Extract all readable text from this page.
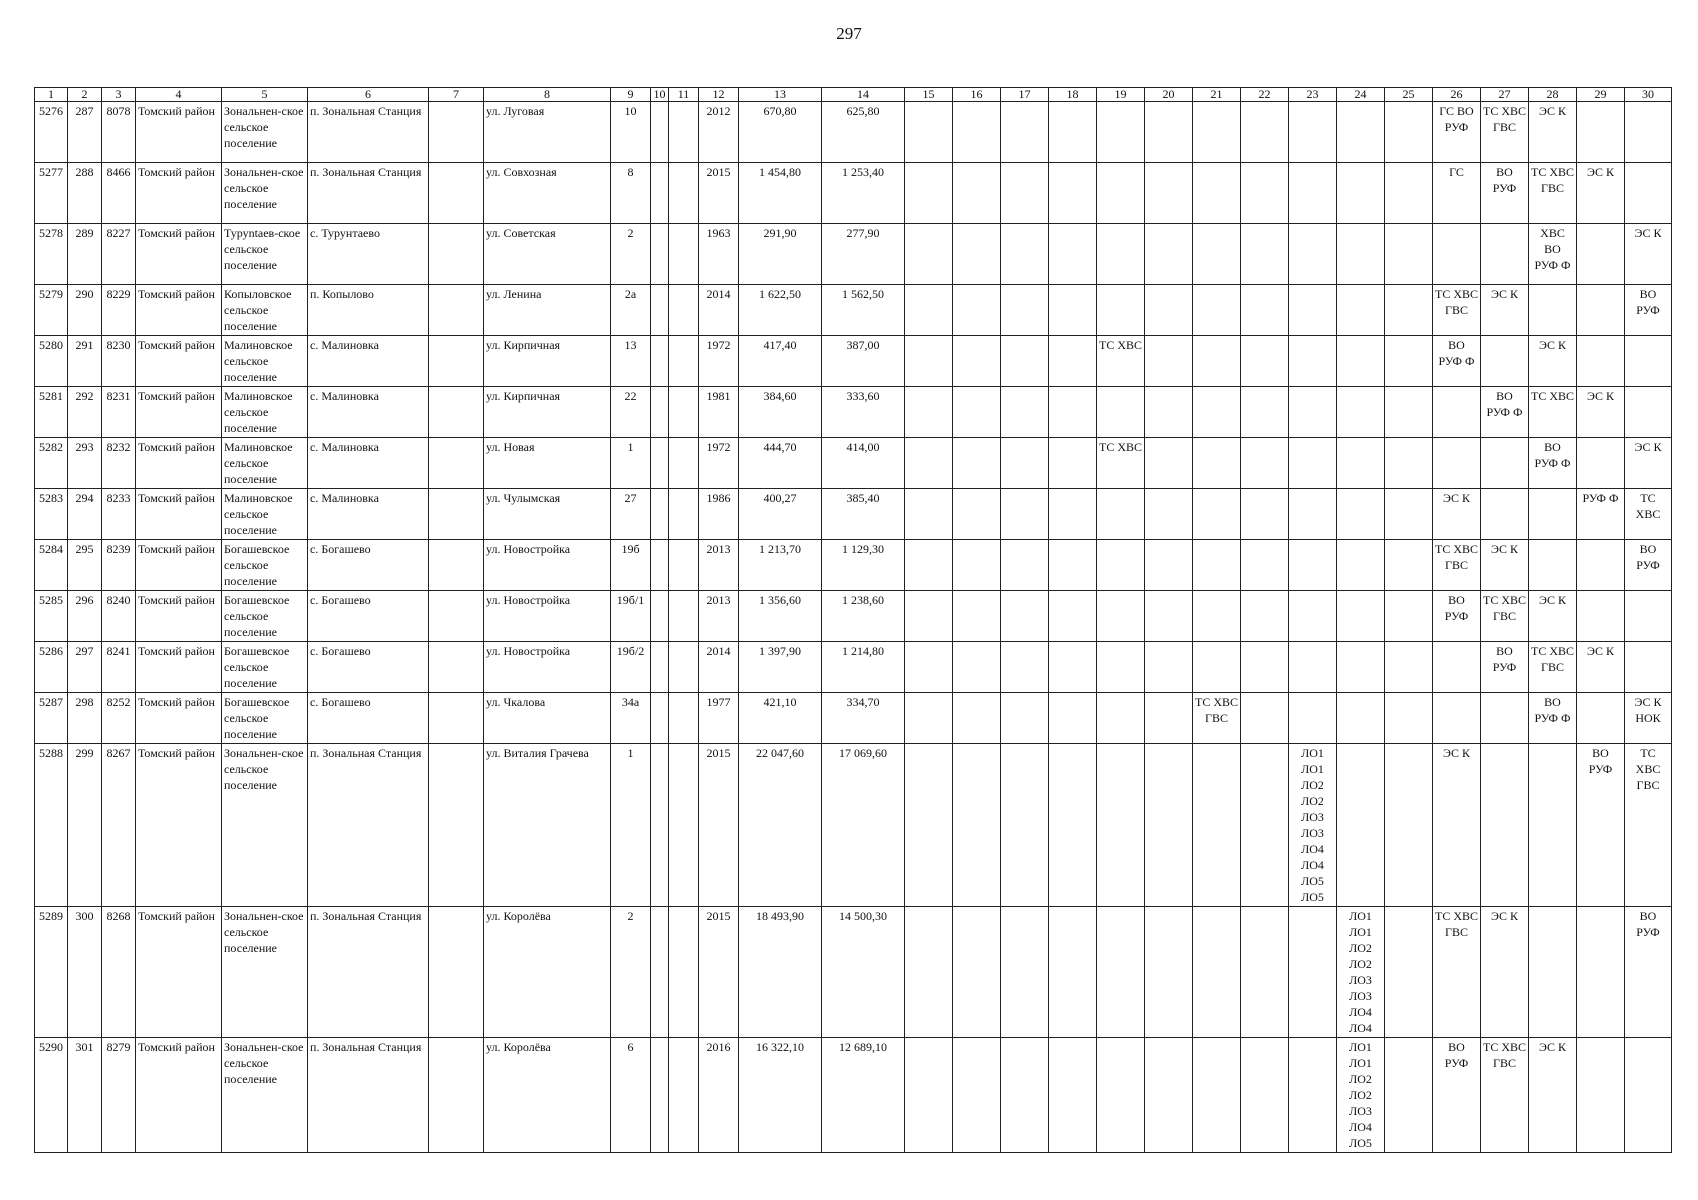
297
1	2	3	4	5	6	7	8	9	10	11	12	13	14	15	16	17	18	19	20	21	22	23	24	25	26	27	28	29	30
5276	287	8078	Томский район	Зональнен-ское сельское поселение	п. Зональная Станция		ул. Луговая	10			2012	670,80	625,80												ГС ВО РУФ	ТС ХВС ГВС	ЭС К		
5277	288	8466	Томский район	Зональнен-ское сельское поселение	п. Зональная Станция		ул. Совхозная	8			2015	1 454,80	1 253,40												ГС	ВО РУФ	ТС ХВС ГВС	ЭС К	
5278	289	8227	Томский район	Туруntaев-ское сельское поселение	с. Турунтаево		ул. Советская	2			1963	291,90	277,90														ХВС ВО РУФ Ф		ЭС К
5279	290	8229	Томский район	Копыловское сельское поселение	п. Копылово		ул. Ленина	2а			2014	1 622,50	1 562,50												ТС ХВС ГВС	ЭС К			ВО РУФ
5280	291	8230	Томский район	Малиновское сельское поселение	с. Малиновка		ул. Кирпичная	13			1972	417,40	387,00					ТС ХВС							ВО РУФ Ф		ЭС К		
5281	292	8231	Томский район	Малиновское сельское поселение	с. Малиновка		ул. Кирпичная	22			1981	384,60	333,60													ВО РУФ Ф	ТС ХВС	ЭС К	
5282	293	8232	Томский район	Малиновское сельское поселение	с. Малиновка		ул. Новая	1			1972	444,70	414,00					ТС ХВС									ВО РУФ Ф		ЭС К
5283	294	8233	Томский район	Малиновское сельское поселение	с. Малиновка		ул. Чулымская	27			1986	400,27	385,40												ЭС К			РУФ Ф	ТС ХВС
5284	295	8239	Томский район	Богашевское сельское поселение	с. Богашево		ул. Новостройка	19б			2013	1 213,70	1 129,30												ТС ХВС ГВС	ЭС К			ВО РУФ
5285	296	8240	Томский район	Богашевское сельское поселение	с. Богашево		ул. Новостройка	19б/1			2013	1 356,60	1 238,60												ВО РУФ	ТС ХВС ГВС	ЭС К		
5286	297	8241	Томский район	Богашевское сельское поселение	с. Богашево		ул. Новостройка	19б/2			2014	1 397,90	1 214,80													ВО РУФ	ТС ХВС ГВС	ЭС К	
5287	298	8252	Томский район	Богашевское сельское поселение	с. Богашево		ул. Чкалова	34а			1977	421,10	334,70							ТС ХВС ГВС							ВО РУФ Ф		ЭС К НОК
5288	299	8267	Томский район	Зональнен-ское сельское поселение	п. Зональная Станция		ул. Виталия Грачева	1			2015	22 047,60	17 069,60									ЛО1 ЛО1 ЛО2 ЛО2 ЛО3 ЛО3 ЛО4 ЛО4 ЛО5 ЛО5			ЭС К			ВО РУФ	ТС ХВС ГВС
5289	300	8268	Томский район	Зональнен-ское сельское поселение	п. Зональная Станция		ул. Королёва	2			2015	18 493,90	14 500,30										ЛО1 ЛО1 ЛО2 ЛО2 ЛО3 ЛО3 ЛО4 ЛО4		ТС ХВС ГВС	ЭС К			ВО РУФ
5290	301	8279	Томский район	Зональнен-ское сельское поселение	п. Зональная Станция		ул. Королёва	6			2016	16 322,10	12 689,10										ЛО1 ЛО1 ЛО2 ЛО2 ЛО3 ЛО4 ЛО5		ВО РУФ	ТС ХВС ГВС	ЭС К		
